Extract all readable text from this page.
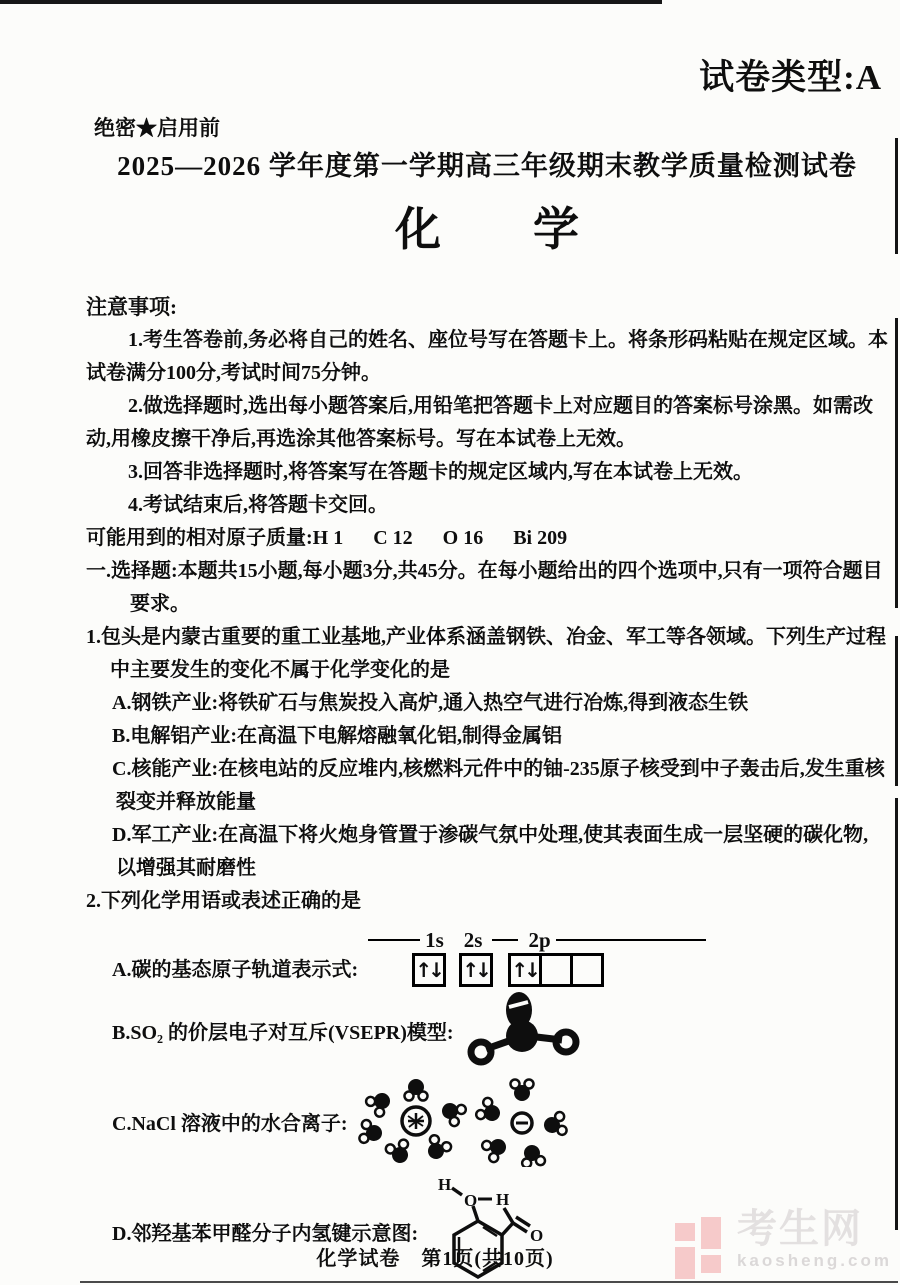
试卷类型:A
绝密★启用前
2025—2026 学年度第一学期高三年级期末教学质量检测试卷
化　　学

注意事项:

1.考生答卷前,务必将自己的姓名、座位号写在答题卡上。将条形码粘贴在规定区域。本试卷满分100分,考试时间75分钟。

2.做选择题时,选出每小题答案后,用铅笔把答题卡上对应题目的答案标号涂黑。如需改动,用橡皮擦干净后,再选涂其他答案标号。写在本试卷上无效。

3.回答非选择题时,将答案写在答题卡的规定区域内,写在本试卷上无效。

4.考试结束后,将答题卡交回。

可能用到的相对原子质量:H 1      C 12      O 16      Bi 209

一.选择题:本题共15小题,每小题3分,共45分。在每小题给出的四个选项中,只有一项符合题目要求。

1.包头是内蒙古重要的重工业基地,产业体系涵盖钢铁、冶金、军工等各领域。下列生产过程中主要发生的变化不属于化学变化的是

A.钢铁产业:将铁矿石与焦炭投入高炉,通入热空气进行冶炼,得到液态生铁

B.电解铝产业:在高温下电解熔融氧化铝,制得金属铝

C.核能产业:在核电站的反应堆内,核燃料元件中的铀-235原子核受到中子轰击后,发生重核裂变并释放能量

D.军工产业:在高温下将火炮身管置于渗碳气氛中处理,使其表面生成一层坚硬的碳化物,以增强其耐磨性

2.下列化学用语或表述正确的是

A.碳的基态原子轨道表示式:
1s 2s 2p
↑↓ ↑↓ ↑↓
B.SO₂ 的价层电子对互斥(VSEPR)模型:
C.NaCl 溶液中的水合离子:
D.邻羟基苯甲醛分子内氢键示意图:
O
H
H
O
化学试卷　第1页(共10页)
考生网
kaosheng.com
